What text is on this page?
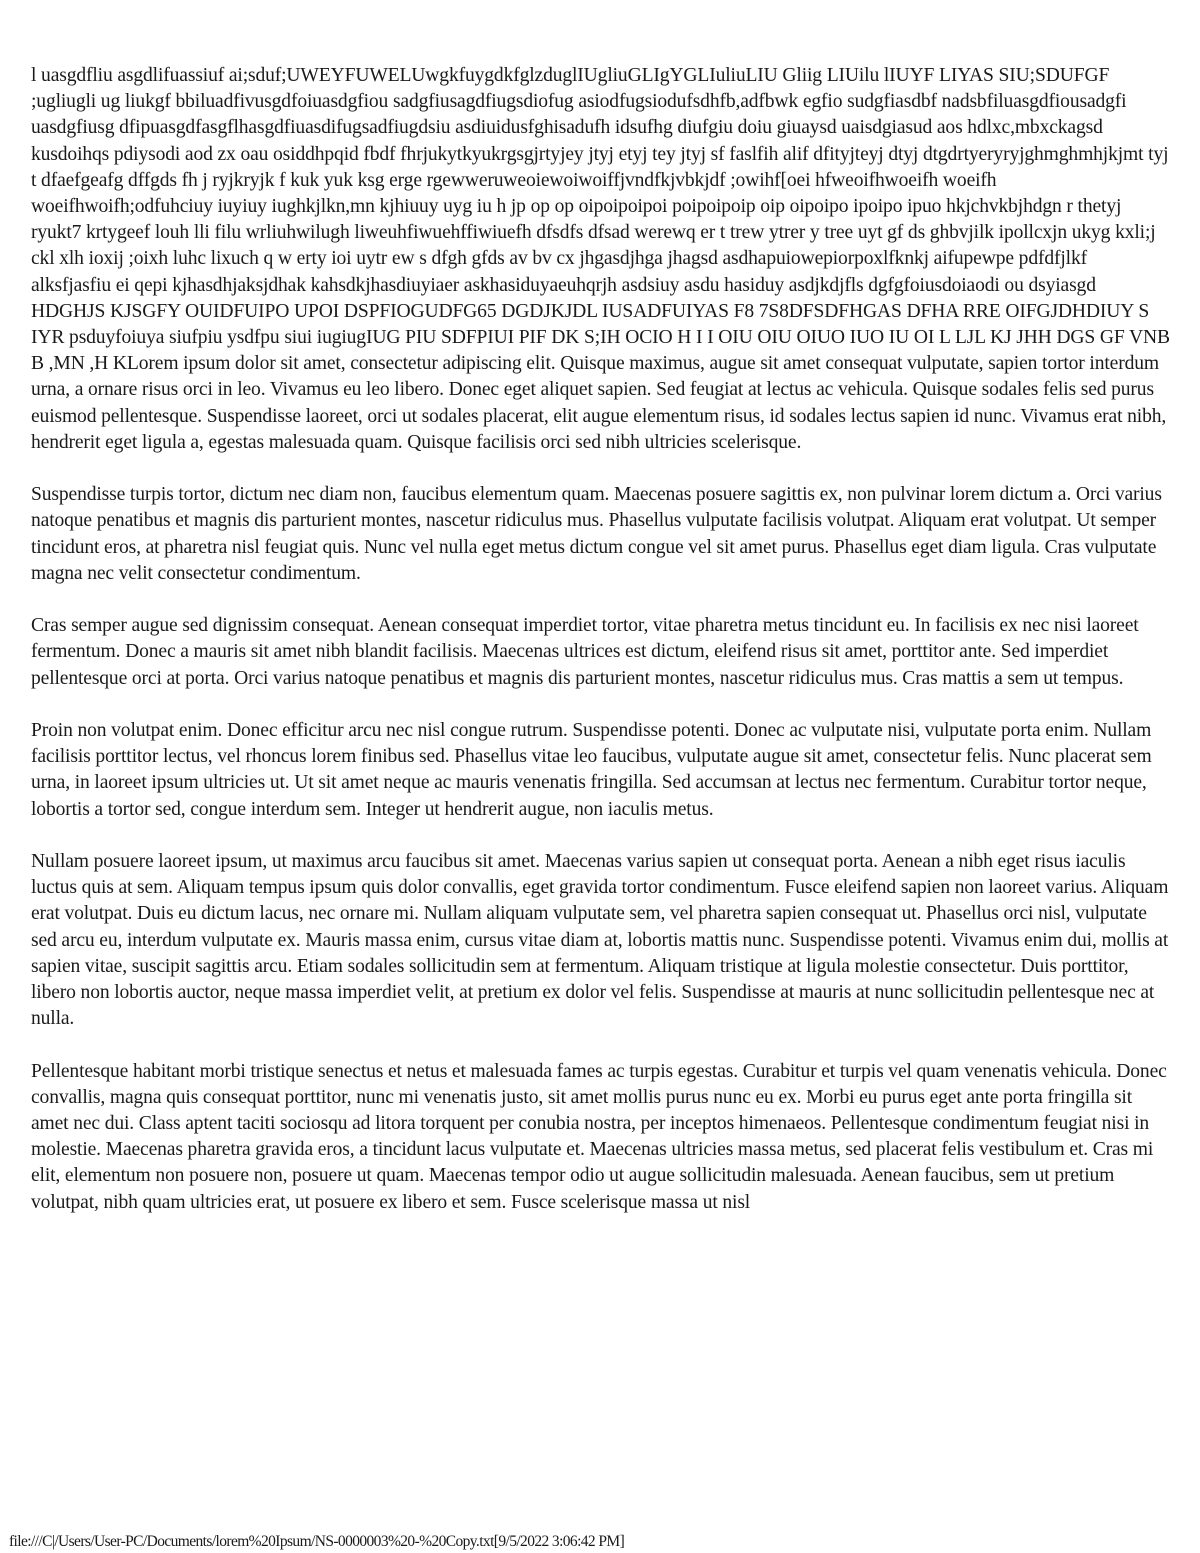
l uasgdfliu asgdlifuassiuf ai;sduf;UWEYFUWELUwgkfuygdkfglzduglIUgliuGLIgYGLIuliuLIU Gliig LIUilu lIUYF LIYAS SIU;SDUFGF ;ugliugli ug liukgf bbiluadfivusgdfoiuasdgfiou sadgfiusagdfiugsdiofug asiodfugsiodufsdhfb,adfbwk egfio sudgfiasdbf nadsbfiluasgdfiousadgfi uasdgfiusg dfipuasgdfasgflhasgdfiuasdifugsadfiugdsiu asdiuidusfghisadufh idsufhg diufgiu doiu giuaysd uaisdgiasud aos hdlxc,mbxckagsd kusdoihqs pdiysodi aod zx oau osiddhpqid fbdf fhrjukytkyukrgsgjrtyjey jtyj etyj tey jtyj sf faslfih alif dfityjteyj dtyj dtgdrtyeryryjghmghmhjkjmt tyj t dfaefgeafg dffgds fh j ryjkryjk f kuk yuk ksg erge rgewweruweoiewoiwoiffjvndfkjvbkjdf ;owihf[oei hfweoifhwoeifh woeifh woeifhwoifh;odfuhciuy iuyiuy iughkjlkn,mn kjhiuuy uyg iu h jp op op oipoipoipoi poipoipoip oip oipoipo ipoipo ipuo hkjchvkbjhdgn r thetyj ryukt7 krtygeef louh lli filu wrliuhwilugh liweuhfiwuehffiwiuefh dfsdfs dfsad werewq er t trew ytrer y tree uyt gf ds ghbvjilk ipollcxjn ukyg kxli;j ckl xlh ioxij ;oixh luhc lixuch q w erty ioi uytr ew s dfgh gfds av bv cx jhgasdjhga jhagsd asdhapuiowepiorpoxlfknkj aifupewpe pdfdfjlkf alksfjasfiu ei qepi kjhasdhjaksjdhak kahsdkjhasdiuyiaer askhasiduyaeuhqrjh asdsiuy asdu hasiduy asdjkdjfls dgfgfoiusdoiaodi ou dsyiasgd HDGHJS KJSGFY OUIDFUIPO UPOI DSPFIOGUDFG65 DGDJKJDL IUSADFUIYAS F8 7S8DFSDFHGAS DFHA RRE OIFGJDHDIUY S IYR psduyfoiuya siufpiu ysdfpu siui iugiugIUG PIU SDFPIUI PIF DK S;IH OCIO H I I OIU OIU OIUO IUO IU OI L LJL KJ JHH DGS GF VNB B ,MN ,H KLorem ipsum dolor sit amet, consectetur adipiscing elit. Quisque maximus, augue sit amet consequat vulputate, sapien tortor interdum urna, a ornare risus orci in leo. Vivamus eu leo libero. Donec eget aliquet sapien. Sed feugiat at lectus ac vehicula. Quisque sodales felis sed purus euismod pellentesque. Suspendisse laoreet, orci ut sodales placerat, elit augue elementum risus, id sodales lectus sapien id nunc. Vivamus erat nibh, hendrerit eget ligula a, egestas malesuada quam. Quisque facilisis orci sed nibh ultricies scelerisque.

Suspendisse turpis tortor, dictum nec diam non, faucibus elementum quam. Maecenas posuere sagittis ex, non pulvinar lorem dictum a. Orci varius natoque penatibus et magnis dis parturient montes, nascetur ridiculus mus. Phasellus vulputate facilisis volutpat. Aliquam erat volutpat. Ut semper tincidunt eros, at pharetra nisl feugiat quis. Nunc vel nulla eget metus dictum congue vel sit amet purus. Phasellus eget diam ligula. Cras vulputate magna nec velit consectetur condimentum.

Cras semper augue sed dignissim consequat. Aenean consequat imperdiet tortor, vitae pharetra metus tincidunt eu. In facilisis ex nec nisi laoreet fermentum. Donec a mauris sit amet nibh blandit facilisis. Maecenas ultrices est dictum, eleifend risus sit amet, porttitor ante. Sed imperdiet pellentesque orci at porta. Orci varius natoque penatibus et magnis dis parturient montes, nascetur ridiculus mus. Cras mattis a sem ut tempus.

Proin non volutpat enim. Donec efficitur arcu nec nisl congue rutrum. Suspendisse potenti. Donec ac vulputate nisi, vulputate porta enim. Nullam facilisis porttitor lectus, vel rhoncus lorem finibus sed. Phasellus vitae leo faucibus, vulputate augue sit amet, consectetur felis. Nunc placerat sem urna, in laoreet ipsum ultricies ut. Ut sit amet neque ac mauris venenatis fringilla. Sed accumsan at lectus nec fermentum. Curabitur tortor neque, lobortis a tortor sed, congue interdum sem. Integer ut hendrerit augue, non iaculis metus.

Nullam posuere laoreet ipsum, ut maximus arcu faucibus sit amet. Maecenas varius sapien ut consequat porta. Aenean a nibh eget risus iaculis luctus quis at sem. Aliquam tempus ipsum quis dolor convallis, eget gravida tortor condimentum. Fusce eleifend sapien non laoreet varius. Aliquam erat volutpat. Duis eu dictum lacus, nec ornare mi. Nullam aliquam vulputate sem, vel pharetra sapien consequat ut. Phasellus orci nisl, vulputate sed arcu eu, interdum vulputate ex. Mauris massa enim, cursus vitae diam at, lobortis mattis nunc. Suspendisse potenti. Vivamus enim dui, mollis at sapien vitae, suscipit sagittis arcu. Etiam sodales sollicitudin sem at fermentum. Aliquam tristique at ligula molestie consectetur. Duis porttitor, libero non lobortis auctor, neque massa imperdiet velit, at pretium ex dolor vel felis. Suspendisse at mauris at nunc sollicitudin pellentesque nec at nulla.

Pellentesque habitant morbi tristique senectus et netus et malesuada fames ac turpis egestas. Curabitur et turpis vel quam venenatis vehicula. Donec convallis, magna quis consequat porttitor, nunc mi venenatis justo, sit amet mollis purus nunc eu ex. Morbi eu purus eget ante porta fringilla sit amet nec dui. Class aptent taciti sociosqu ad litora torquent per conubia nostra, per inceptos himenaeos. Pellentesque condimentum feugiat nisi in molestie. Maecenas pharetra gravida eros, a tincidunt lacus vulputate et. Maecenas ultricies massa metus, sed placerat felis vestibulum et. Cras mi elit, elementum non posuere non, posuere ut quam. Maecenas tempor odio ut augue sollicitudin malesuada. Aenean faucibus, sem ut pretium volutpat, nibh quam ultricies erat, ut posuere ex libero et sem. Fusce scelerisque massa ut nisl

file:///C|/Users/User-PC/Documents/lorem%20Ipsum/NS-0000003%20-%20Copy.txt[9/5/2022 3:06:42 PM]
